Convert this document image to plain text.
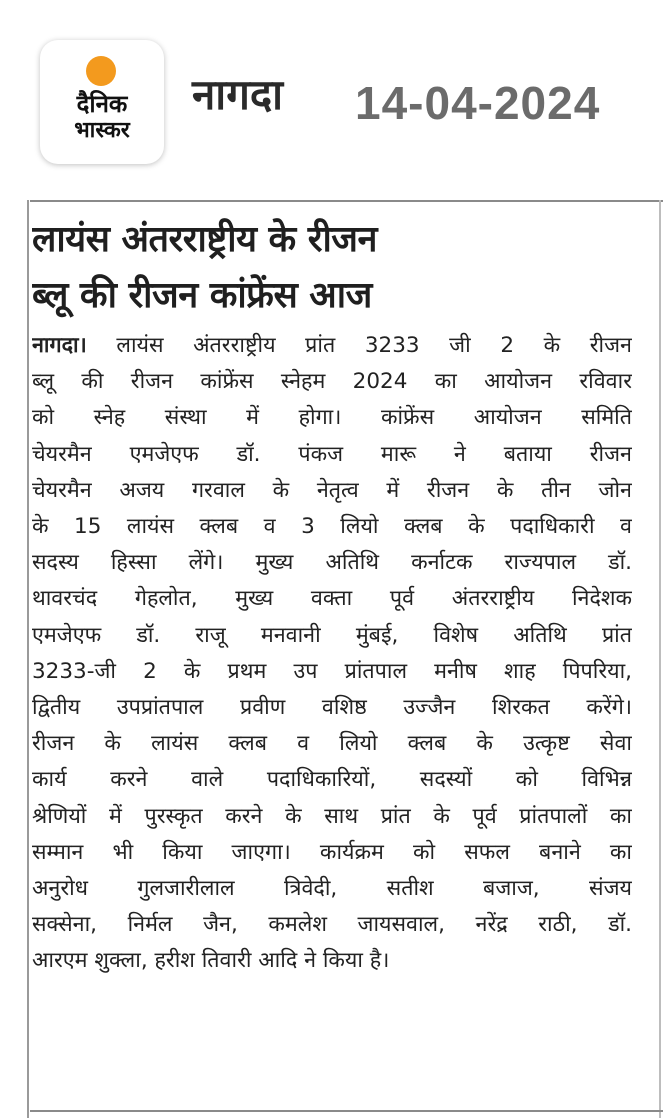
दैनिक
भास्कर
नागदा 14-04-2024
लायंस अंतरराष्ट्रीय के रीजन
ब्लू की रीजन कांफ्रेंस आज
नागदा। लायंस अंतरराष्ट्रीय प्रांत 3233 जी 2 के रीजन
ब्लू की रीजन कांफ्रेंस स्नेहम 2024 का आयोजन रविवार
को स्नेह संस्था में होगा। कांफ्रेंस आयोजन समिति
चेयरमैन एमजेएफ डॉ. पंकज मारू ने बताया रीजन
चेयरमैन अजय गरवाल के नेतृत्व में रीजन के तीन जोन
के 15 लायंस क्लब व 3 लियो क्लब के पदाधिकारी व
सदस्य हिस्सा लेंगे। मुख्य अतिथि कर्नाटक राज्यपाल डॉ.
थावरचंद गेहलोत, मुख्य वक्ता पूर्व अंतरराष्ट्रीय निदेशक
एमजेएफ डॉ. राजू मनवानी मुंबई, विशेष अतिथि प्रांत
3233-जी 2 के प्रथम उप प्रांतपाल मनीष शाह पिपरिया,
द्वितीय उपप्रांतपाल प्रवीण वशिष्ठ उज्जैन शिरकत करेंगे।
रीजन के लायंस क्लब व लियो क्लब के उत्कृष्ट सेवा
कार्य करने वाले पदाधिकारियों, सदस्यों को विभिन्न
श्रेणियों में पुरस्कृत करने के साथ प्रांत के पूर्व प्रांतपालों का
सम्मान भी किया जाएगा। कार्यक्रम को सफल बनाने का
अनुरोध गुलजारीलाल त्रिवेदी, सतीश बजाज, संजय
सक्सेना, निर्मल जैन, कमलेश जायसवाल, नरेंद्र राठी, डॉ.
आरएम शुक्ला, हरीश तिवारी आदि ने किया है।
